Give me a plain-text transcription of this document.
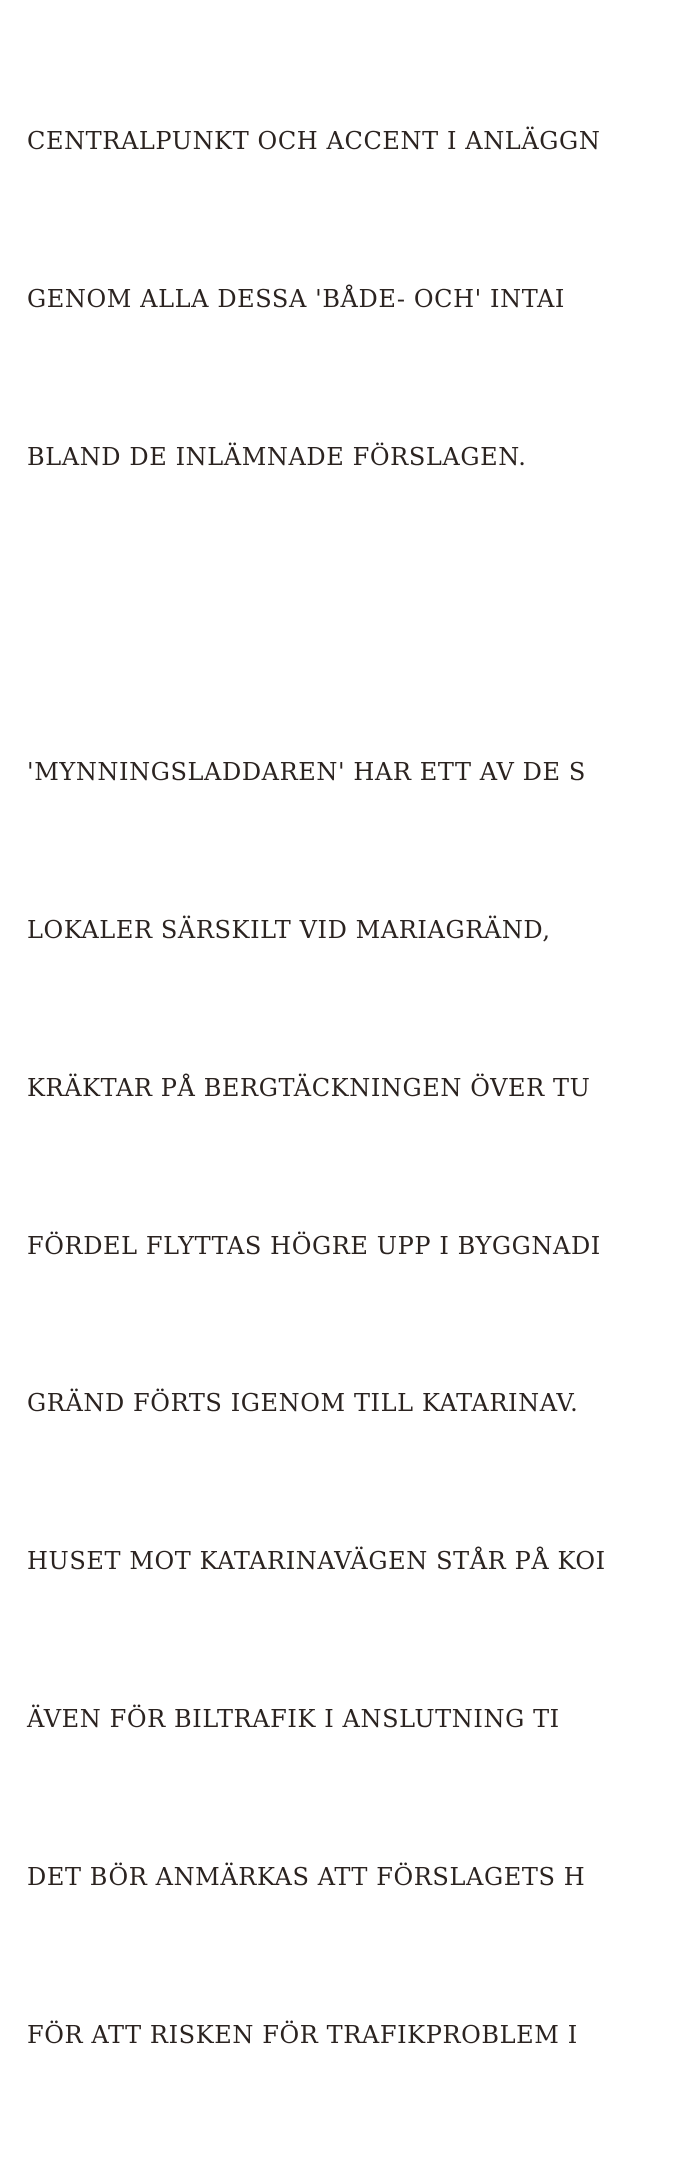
CENTRALPUNKT OCH ACCENT I ANLÄGGN

GENOM ALLA DESSA 'BÅDE- OCH' INTAI

BLAND DE INLÄMNADE FÖRSLAGEN.

'MYNNINGSLADDAREN' HAR ETT AV DE S

LOKALER SÄRSKILT VID MARIAGRÄND,

KRÄKTAR PÅ BERGTÄCKNINGEN ÖVER TU

FÖRDEL FLYTTAS HÖGRE UPP I BYGGNADI

GRÄND FÖRTS IGENOM TILL KATARINAV.

HUSET MOT KATARINAVÄGEN STÅR PÅ KOI

ÄVEN FÖR BILTRAFIK I ANSLUTNING TI

DET BÖR ANMÄRKAS ATT FÖRSLAGETS H

FÖR ATT RISKEN FÖR TRAFIKPROBLEM I
